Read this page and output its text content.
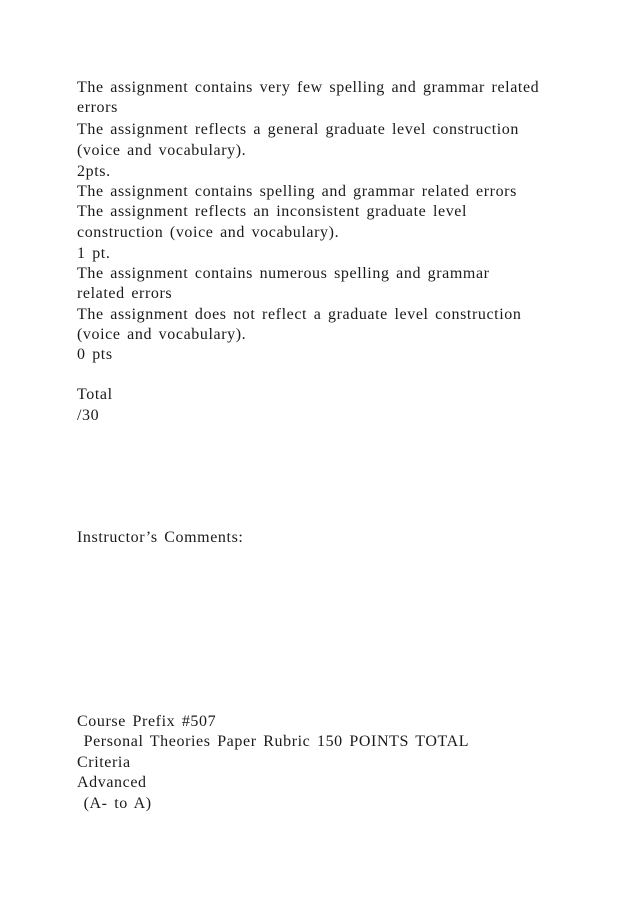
The assignment contains very few spelling and grammar related
errors
The assignment reflects a general graduate level construction
(voice and vocabulary).
2pts.
The assignment contains spelling and grammar related errors
The assignment reflects an inconsistent graduate level
construction (voice and vocabulary).
1 pt.
The assignment contains numerous spelling and grammar
related errors
The assignment does not reflect a graduate level construction
(voice and vocabulary).
0 pts
Total
/30
Instructor’s Comments:
Course Prefix #507
Personal Theories Paper Rubric 150 POINTS TOTAL
Criteria
Advanced
(A- to A)
